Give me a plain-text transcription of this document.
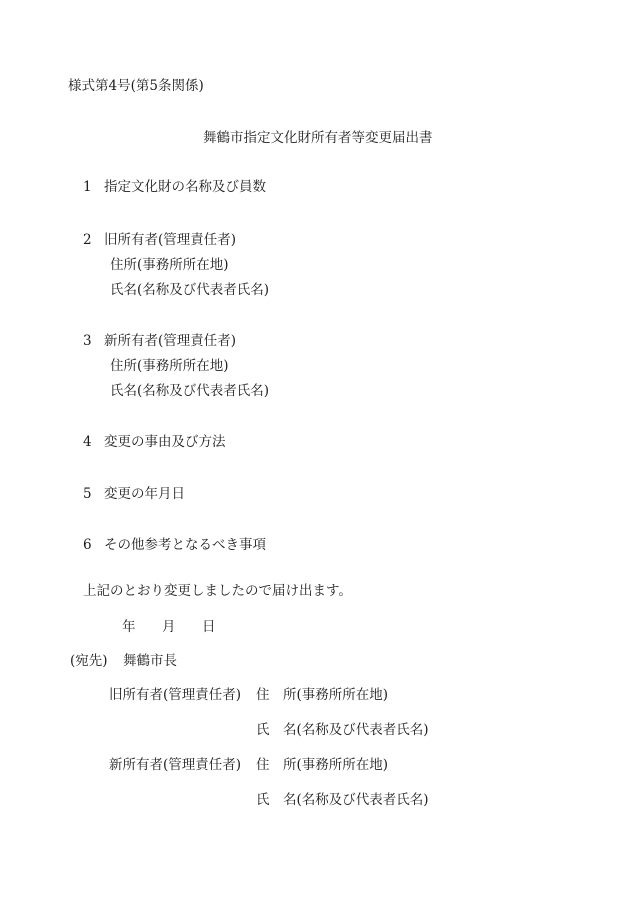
様式第4号(第5条関係)
舞鶴市指定文化財所有者等変更届出書
1 指定文化財の名称及び員数
2 旧所有者(管理責任者)
住所(事務所所在地)
氏名(名称及び代表者氏名)
3 新所有者(管理責任者)
住所(事務所所在地)
氏名(名称及び代表者氏名)
4 変更の事由及び方法
5 変更の年月日
6 その他参考となるべき事項
上記のとおり変更しましたので届け出ます。
年 月 日
(宛先) 舞鶴市長
旧所有者(管理責任者) 住　所(事務所所在地)
氏　名(名称及び代表者氏名)
新所有者(管理責任者) 住　所(事務所所在地)
氏　名(名称及び代表者氏名)
